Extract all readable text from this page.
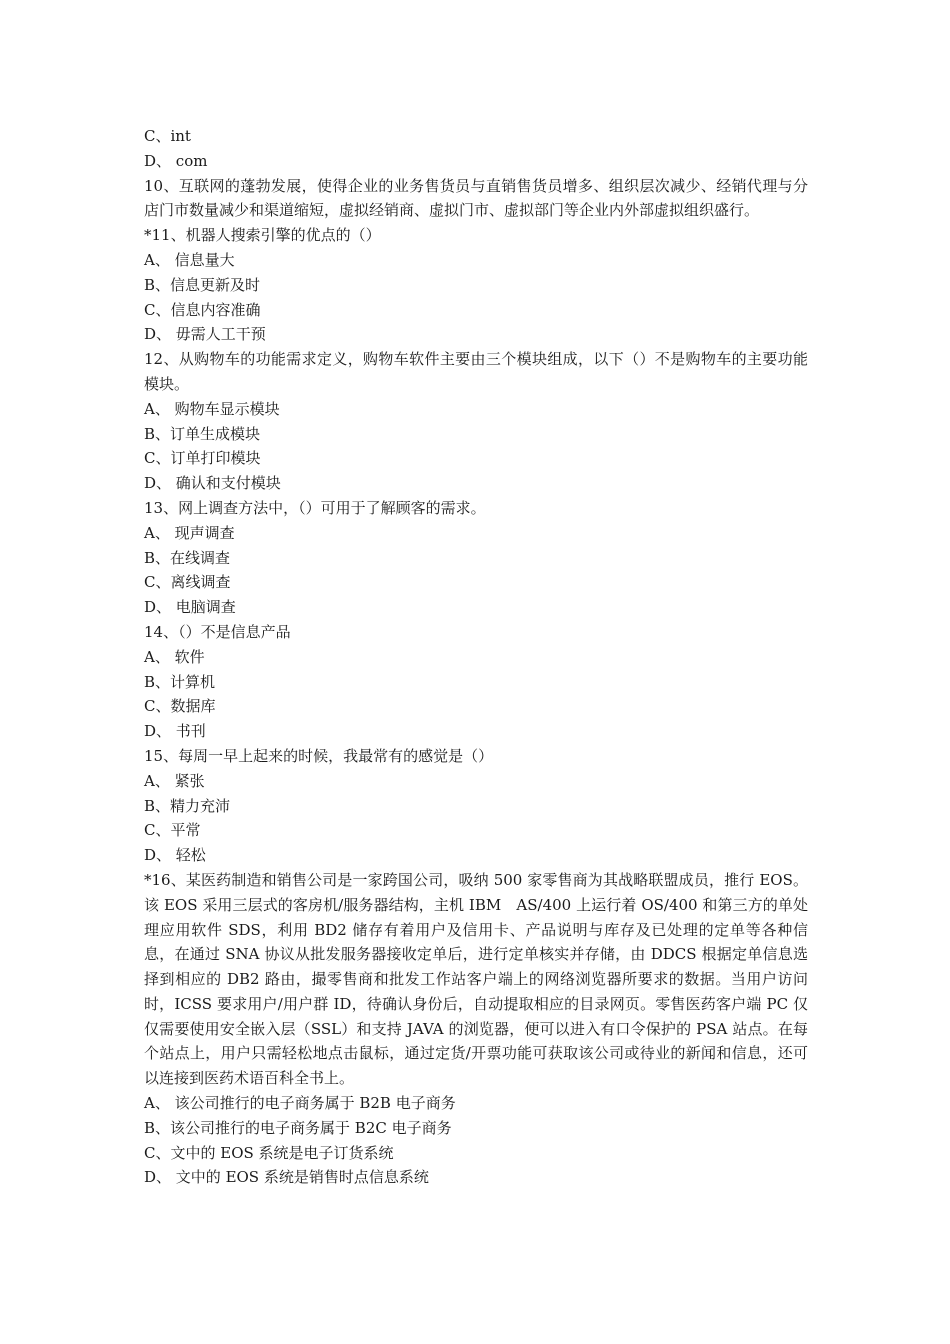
C、int
D、 com
10、互联网的蓬勃发展，使得企业的业务售货员与直销售货员增多、组织层次减少、经销代理与分店门市数量减少和渠道缩短，虚拟经销商、虚拟门市、虚拟部门等企业内外部虚拟组织盛行。
*11、机器人搜索引擎的优点的（）
A、 信息量大
B、信息更新及时
C、信息内容准确
D、 毋需人工干预
12、从购物车的功能需求定义，购物车软件主要由三个模块组成，以下（）不是购物车的主要功能模块。
A、 购物车显示模块
B、订单生成模块
C、订单打印模块
D、 确认和支付模块
13、网上调查方法中，（）可用于了解顾客的需求。
A、 现声调查
B、在线调查
C、离线调查
D、 电脑调查
14、（）不是信息产品
A、 软件
B、计算机
C、数据库
D、 书刊
15、每周一早上起来的时候，我最常有的感觉是（）
A、 紧张
B、精力充沛
C、平常
D、 轻松
*16、某医药制造和销售公司是一家跨国公司，吸纳 500 家零售商为其战略联盟成员，推行 EOS。该 EOS 采用三层式的客房机/服务器结构，主机 IBM　AS/400 上运行着 OS/400 和第三方的单处理应用软件 SDS，利用 BD2 储存有着用户及信用卡、产品说明与库存及已处理的定单等各种信息，在通过 SNA 协议从批发服务器接收定单后，进行定单核实并存储，由 DDCS 根据定单信息选择到相应的 DB2 路由，撮零售商和批发工作站客户端上的网络浏览器所要求的数据。当用户访问时，ICSS 要求用户/用户群 ID，待确认身份后，自动提取相应的目录网页。零售医药客户端 PC 仅仅需要使用安全嵌入层（SSL）和支持 JAVA 的浏览器，便可以进入有口令保护的 PSA 站点。在每个站点上，用户只需轻松地点击鼠标，通过定货/开票功能可获取该公司或待业的新闻和信息，还可以连接到医药术语百科全书上。
A、 该公司推行的电子商务属于 B2B 电子商务
B、该公司推行的电子商务属于 B2C 电子商务
C、文中的 EOS 系统是电子订货系统
D、 文中的 EOS 系统是销售时点信息系统
